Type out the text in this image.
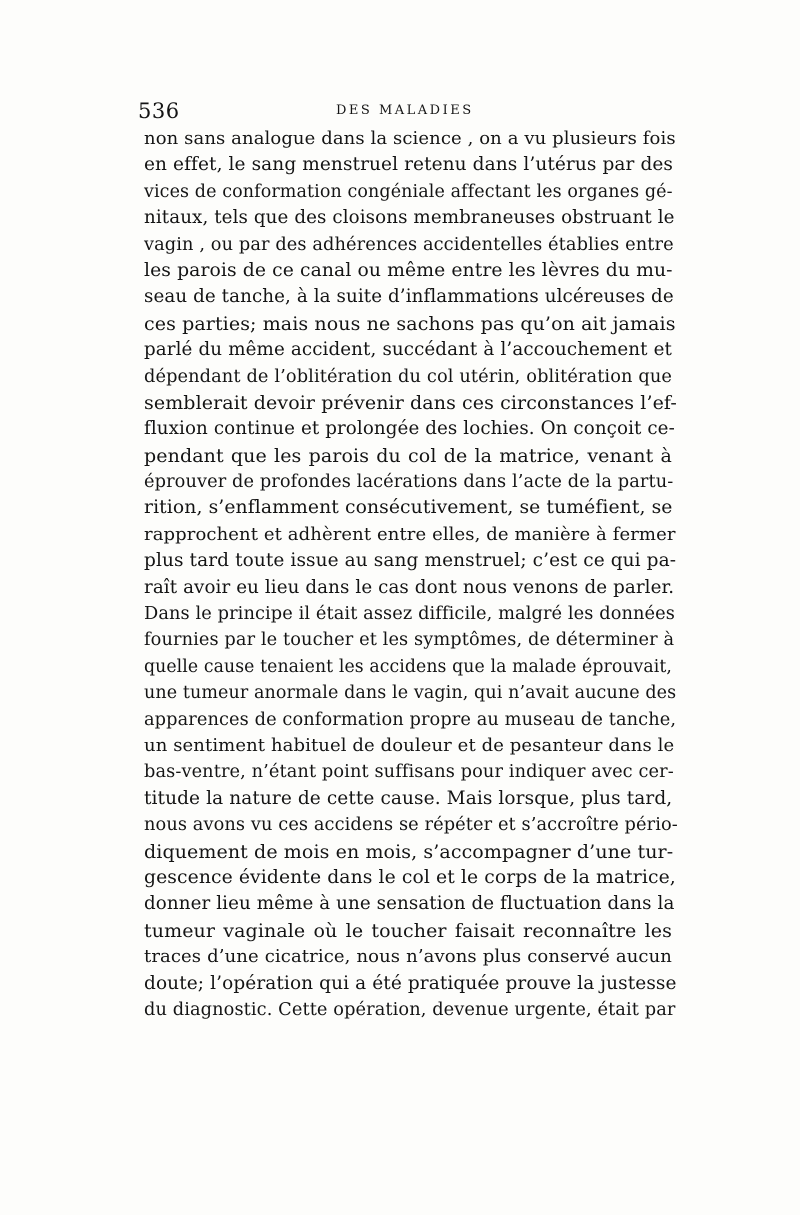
536	DES MALADIES
non sans analogue dans la science , on a vu plusieurs fois
en effet, le sang menstruel retenu dans l’utérus par des
vices de conformation congéniale affectant les organes gé-
nitaux, tels que des cloisons membraneuses obstruant le
vagin , ou par des adhérences accidentelles établies entre
les parois de ce canal ou même entre les lèvres du mu-
seau de tanche, à la suite d’inflammations ulcéreuses de
ces parties; mais nous ne sachons pas qu’on ait jamais
parlé du même accident, succédant à l’accouchement et
dépendant de l’oblitération du col utérin, oblitération que
semblerait devoir prévenir dans ces circonstances l’ef-
fluxion continue et prolongée des lochies. On conçoit ce-
pendant que les parois du col de la matrice, venant à
éprouver de profondes lacérations dans l’acte de la partu-
rition, s’enflamment consécutivement, se tuméfient, se
rapprochent et adhèrent entre elles, de manière à fermer
plus tard toute issue au sang menstruel; c’est ce qui pa-
raît avoir eu lieu dans le cas dont nous venons de parler.
Dans le principe il était assez difficile, malgré les données
fournies par le toucher et les symptômes, de déterminer à
quelle cause tenaient les accidens que la malade éprouvait,
une tumeur anormale dans le vagin, qui n’avait aucune des
apparences de conformation propre au museau de tanche,
un sentiment habituel de douleur et de pesanteur dans le
bas-ventre, n’étant point suffisans pour indiquer avec cer-
titude la nature de cette cause. Mais lorsque, plus tard,
nous avons vu ces accidens se répéter et s’accroître pério-
diquement de mois en mois, s’accompagner d’une tur-
gescence évidente dans le col et le corps de la matrice,
donner lieu même à une sensation de fluctuation dans la
tumeur vaginale où le toucher faisait reconnaître les
traces d’une cicatrice, nous n’avons plus conservé aucun
doute; l’opération qui a été pratiquée prouve la justesse
du diagnostic. Cette opération, devenue urgente, était par
